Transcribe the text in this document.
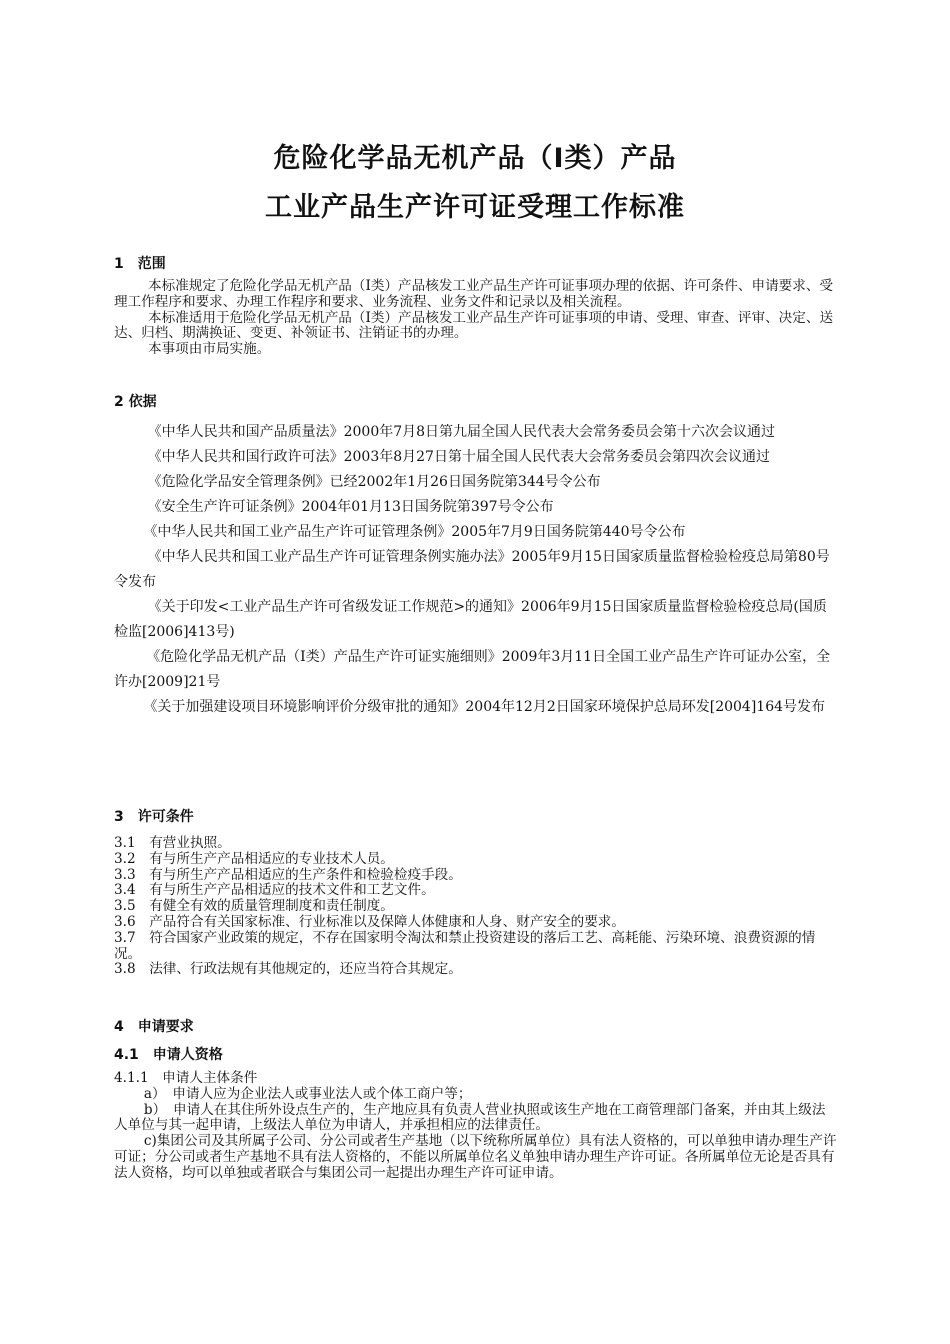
危险化学品无机产品（Ⅰ类）产品
工业产品生产许可证受理工作标准
1　范围

本标准规定了危险化学品无机产品（Ⅰ类）产品核发工业产品生产许可证事项办理的依据、许可条件、申请要求、受理工作程序和要求、办理工作程序和要求、业务流程、业务文件和记录以及相关流程。

本标准适用于危险化学品无机产品（Ⅰ类）产品核发工业产品生产许可证事项的申请、受理、审查、评审、决定、送达、归档、期满换证、变更、补领证书、注销证书的办理。

本事项由市局实施。

2 依据

《中华人民共和国产品质量法》2000年7月8日第九届全国人民代表大会常务委员会第十六次会议通过

《中华人民共和国行政许可法》2003年8月27日第十届全国人民代表大会常务委员会第四次会议通过

《危险化学品安全管理条例》已经2002年1月26日国务院第344号令公布

《安全生产许可证条例》2004年01月13日国务院第397号令公布

《中华人民共和国工业产品生产许可证管理条例》2005年7月9日国务院第440号令公布

《中华人民共和国工业产品生产许可证管理条例实施办法》2005年9月15日国家质量监督检验检疫总局第80号令发布

《关于印发<工业产品生产许可省级发证工作规范>的通知》2006年9月15日国家质量监督检验检疫总局(国质检监[2006]413号)

《危险化学品无机产品（Ⅰ类）产品生产许可证实施细则》2009年3月11日全国工业产品生产许可证办公室，全许办[2009]21号

《关于加强建设项目环境影响评价分级审批的通知》2004年12月2日国家环境保护总局环发[2004]164号发布

3　许可条件

3.1　有营业执照。

3.2　有与所生产产品相适应的专业技术人员。

3.3　有与所生产产品相适应的生产条件和检验检疫手段。

3.4　有与所生产产品相适应的技术文件和工艺文件。

3.5　有健全有效的质量管理制度和责任制度。

3.6　产品符合有关国家标准、行业标准以及保障人体健康和人身、财产安全的要求。

3.7　符合国家产业政策的规定，不存在国家明令淘汰和禁止投资建设的落后工艺、高耗能、污染环境、浪费资源的情况。

3.8　法律、行政法规有其他规定的，还应当符合其规定。

4　申请要求
4.1　申请人资格

4.1.1　申请人主体条件

a）　申请人应为企业法人或事业法人或个体工商户等；

b）　申请人在其住所外设点生产的，生产地应具有负责人营业执照或该生产地在工商管理部门备案，并由其上级法人单位与其一起申请，上级法人单位为申请人，并承担相应的法律责任。

c)集团公司及其所属子公司、分公司或者生产基地（以下统称所属单位）具有法人资格的，可以单独申请办理生产许可证；分公司或者生产基地不具有法人资格的，不能以所属单位名义单独申请办理生产许可证。各所属单位无论是否具有法人资格，均可以单独或者联合与集团公司一起提出办理生产许可证申请。
